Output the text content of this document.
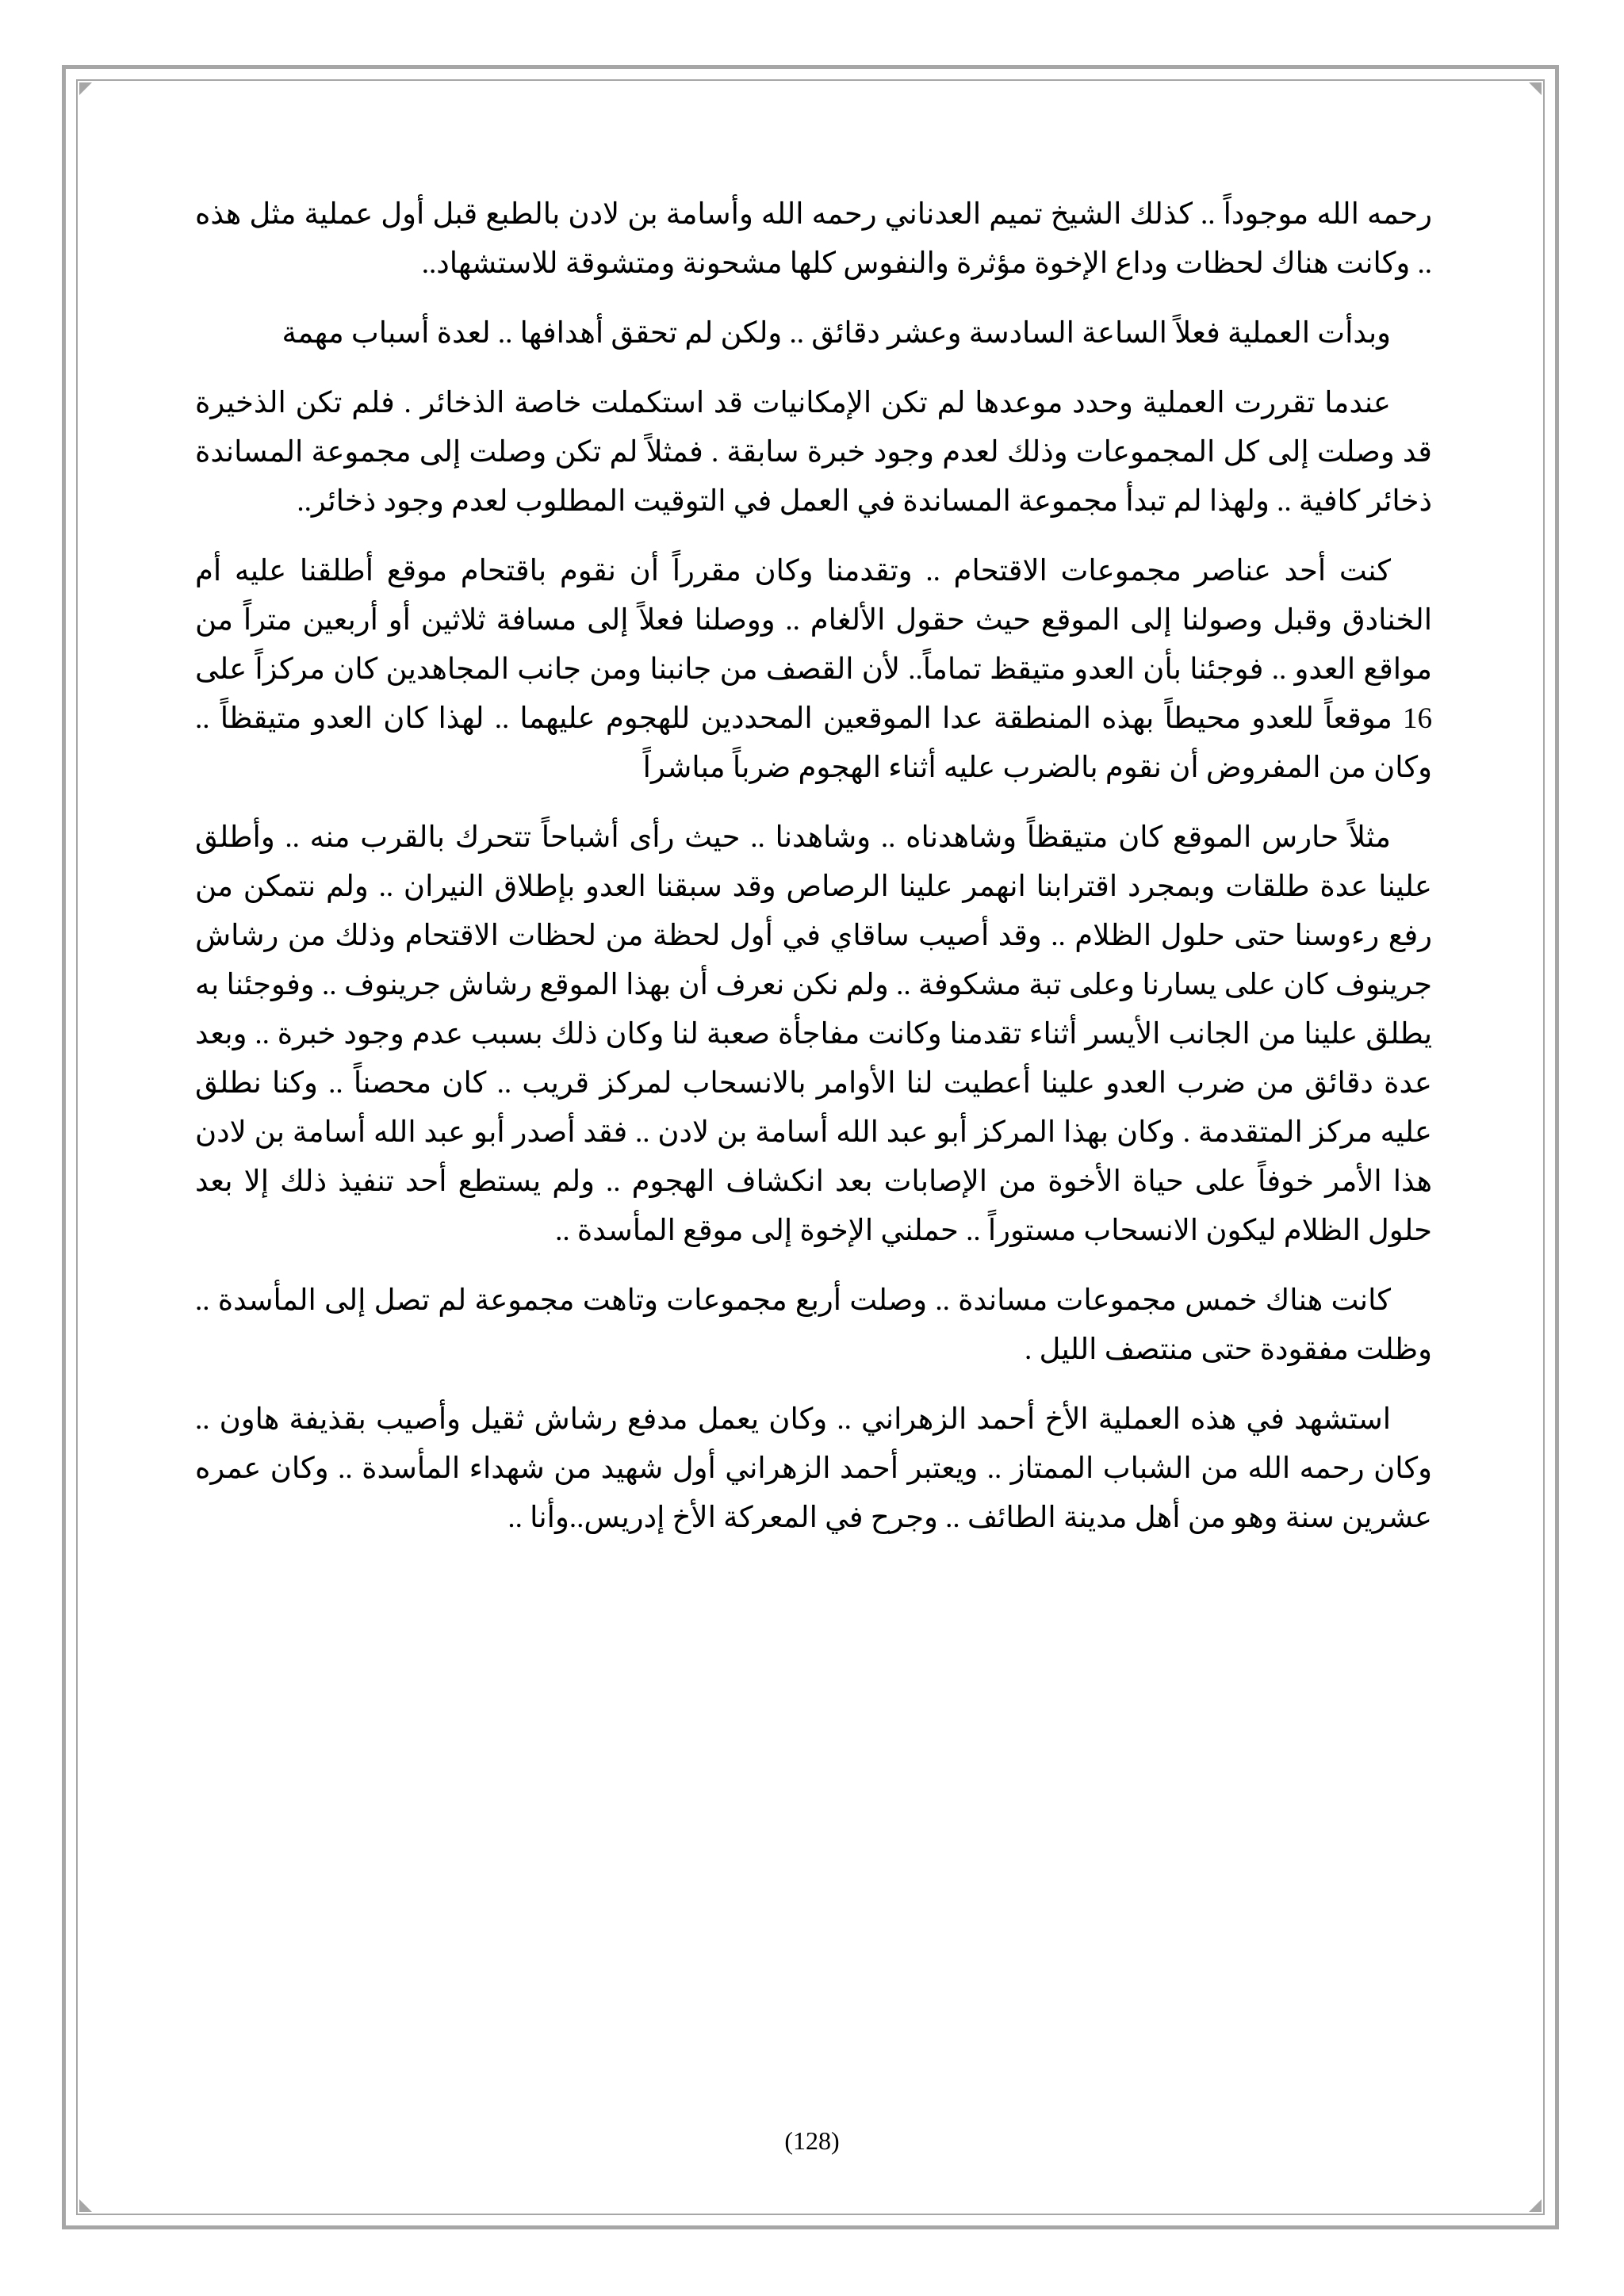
رحمه الله موجوداً .. كذلك الشيخ تميم العدناني رحمه الله وأسامة بن لادن بالطبع قبل أول عملية مثل هذه .. وكانت هناك لحظات وداع الإخوة مؤثرة والنفوس كلها مشحونة ومتشوقة للاستشهاد..

وبدأت العملية فعلاً الساعة السادسة وعشر دقائق .. ولكن لم تحقق أهدافها .. لعدة أسباب مهمة

عندما تقررت العملية وحدد موعدها لم تكن الإمكانيات قد استكملت خاصة الذخائر . فلم تكن الذخيرة قد وصلت إلى كل المجموعات وذلك لعدم وجود خبرة سابقة . فمثلاً لم تكن وصلت إلى مجموعة المساندة ذخائر كافية .. ولهذا لم تبدأ مجموعة المساندة في العمل في التوقيت المطلوب لعدم وجود ذخائر..

كنت أحد عناصر مجموعات الاقتحام .. وتقدمنا وكان مقرراً أن نقوم باقتحام موقع أطلقنا عليه أم الخنادق وقبل وصولنا إلى الموقع حيث حقول الألغام .. ووصلنا فعلاً إلى مسافة ثلاثين أو أربعين متراً من مواقع العدو .. فوجئنا بأن العدو متيقظ تماماً.. لأن القصف من جانبنا ومن جانب المجاهدين كان مركزاً على 16 موقعاً للعدو محيطاً بهذه المنطقة عدا الموقعين المحددين للهجوم عليهما .. لهذا كان العدو متيقظاً .. وكان من المفروض أن نقوم بالضرب عليه أثناء الهجوم ضرباً مباشراً

مثلاً حارس الموقع كان متيقظاً وشاهدناه .. وشاهدنا .. حيث رأى أشباحاً تتحرك بالقرب منه .. وأطلق علينا عدة طلقات وبمجرد اقترابنا انهمر علينا الرصاص وقد سبقنا العدو بإطلاق النيران .. ولم نتمكن من رفع رءوسنا حتى حلول الظلام .. وقد أصيب ساقاي في أول لحظة من لحظات الاقتحام وذلك من رشاش جرينوف كان على يسارنا وعلى تبة مشكوفة .. ولم نكن نعرف أن بهذا الموقع رشاش جرينوف .. وفوجئنا به يطلق علينا من الجانب الأيسر أثناء تقدمنا وكانت مفاجأة صعبة لنا وكان ذلك بسبب عدم وجود خبرة .. وبعد عدة دقائق من ضرب العدو علينا أعطيت لنا الأوامر بالانسحاب لمركز قريب .. كان محصناً .. وكنا نطلق عليه مركز المتقدمة . وكان بهذا المركز أبو عبد الله أسامة بن لادن .. فقد أصدر أبو عبد الله أسامة بن لادن هذا الأمر خوفاً على حياة الأخوة من الإصابات بعد انكشاف الهجوم .. ولم يستطع أحد تنفيذ ذلك إلا بعد حلول الظلام ليكون الانسحاب مستوراً .. حملني الإخوة إلى موقع المأسدة ..

كانت هناك خمس مجموعات مساندة .. وصلت أربع مجموعات وتاهت مجموعة لم تصل إلى المأسدة .. وظلت مفقودة حتى منتصف الليل .

استشهد في هذه العملية الأخ أحمد الزهراني .. وكان يعمل مدفع رشاش ثقيل وأصيب بقذيفة هاون .. وكان رحمه الله من الشباب الممتاز .. ويعتبر أحمد الزهراني أول شهيد من شهداء المأسدة .. وكان عمره عشرين سنة وهو من أهل مدينة الطائف .. وجرح في المعركة الأخ إدريس..وأنا ..

(128)
